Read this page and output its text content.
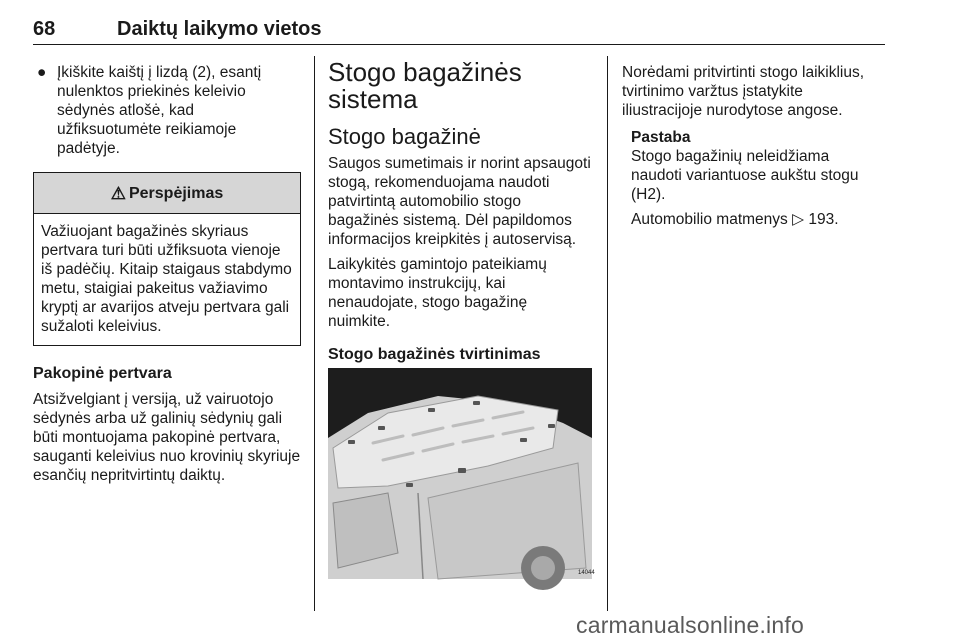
68	Daiktų laikymo vietos
● Įkiškite kaištį į lizdą (2), esantį nulenktos priekinės keleivio sėdynės atlošė, kad užfiksuotumėte reikiamoje padėtyje.
⚠ Perspėjimas
Važiuojant bagažinės skyriaus pertvara turi būti užfiksuota vienoje iš padėčių. Kitaip staigaus stabdymo metu, staigiai pakeitus važiavimo kryptį ar avarijos atveju pertvara gali sužaloti keleivius.
Pakopinė pertvara

Atsižvelgiant į versiją, už vairuotojo sėdynės arba už galinių sėdynių gali būti montuojama pakopinė pertvara, sauganti keleivius nuo krovinių skyriuje esančių nepritvirtintų daiktų.

Stogo bagažinės sistema
Stogo bagažinė

Saugos sumetimais ir norint apsaugoti stogą, rekomenduojama naudoti patvirtintą automobilio stogo bagažinės sistemą. Dėl papildomos informacijos kreipkitės į autoservisą.

Laikykitės gamintojo pateikiamų montavimo instrukcijų, kai nenaudojate, stogo bagažinę nuimkite.

Stogo bagažinės tvirtinimas
14044

Norėdami pritvirtinti stogo laikiklius, tvirtinimo varžtus įstatykite iliustracijoje nurodytose angose.

Pastaba

Stogo bagažinių neleidžiama naudoti variantuose aukštu stogu (H2).

Automobilio matmenys ▷ 193.

carmanualsonline.info
